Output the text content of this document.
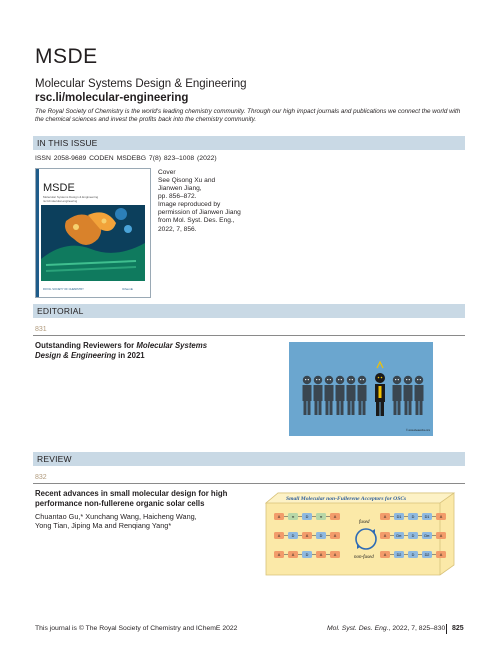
MSDE
Molecular Systems Design & Engineering
rsc.li/molecular-engineering
The Royal Society of Chemistry is the world's leading chemistry community. Through our high impact journals and publications we connect the world with the chemical sciences and invest the profits back into the chemistry community.
IN THIS ISSUE
ISSN 2058-9689 CODEN MSDEBG 7(8) 823–1008 (2022)
MSDE
Molecular Systems Design & Engineering
rsc.li/molecular-engineering
ROYAL SOCIETY OF CHEMISTRY	IChemE
Cover
See Qisong Xu and
Jianwen Jiang,
pp. 856–872.
Image reproduced by
permission of Jianwen Jiang
from Mol. Syst. Des. Eng.,
2022, 7, 856.
EDITORIAL
831
Outstanding Reviewers for Molecular Systems
Design & Engineering in 2021
© www.ideaworks.com
REVIEW
832
Recent advances in small molecular design for high
performance non-fullerene organic solar cells
Chuantao Gu,* Xunchang Wang, Haicheng Wang,
Yong Tian, Jiping Ma and Renqiang Yang*
Small Molecular non-Fullerene Acceptors for OSCs
A	π	D	π	A	A	D1	D	D1	A
A	D	A	D	A	A	Dπ	D	Dπ	A
A	A	D	A	A	A	D2	D	D2	A
fused
non-fused
This journal is © The Royal Society of Chemistry and IChemE 2022	Mol. Syst. Des. Eng., 2022, 7, 825–830 825
